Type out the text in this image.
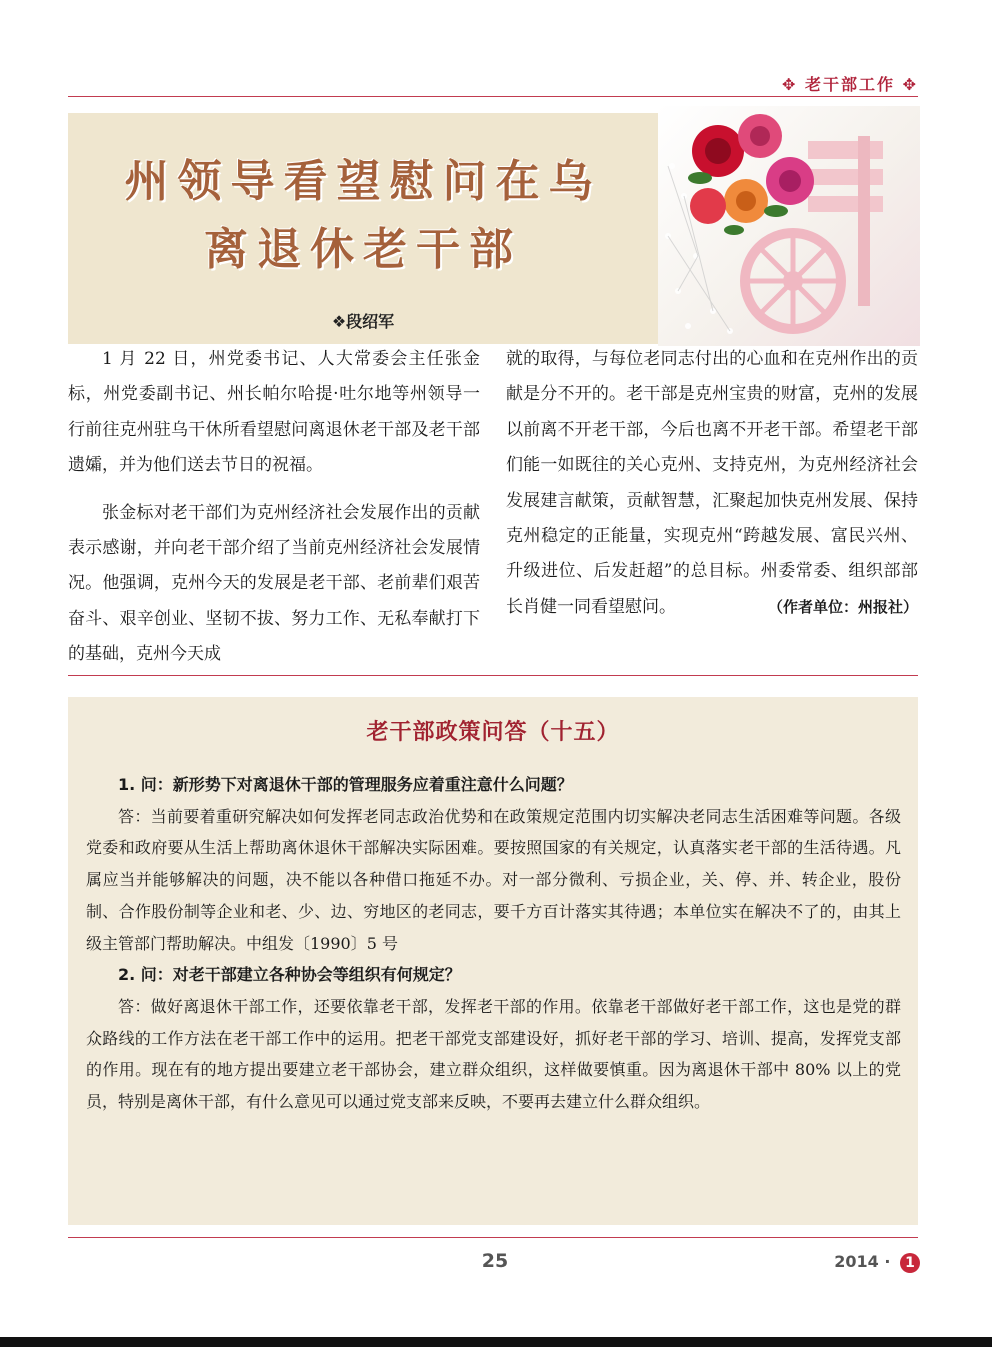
✥ 老干部工作 ✥
州领导看望慰问在乌
离退休老干部
❖段绍军

1 月 22 日，州党委书记、人大常委会主任张金标，州党委副书记、州长帕尔哈提·吐尔地等州领导一行前往克州驻乌干休所看望慰问离退休老干部及老干部遗孀，并为他们送去节日的祝福。

张金标对老干部们为克州经济社会发展作出的贡献表示感谢，并向老干部介绍了当前克州经济社会发展情况。他强调，克州今天的发展是老干部、老前辈们艰苦奋斗、艰辛创业、坚韧不拔、努力工作、无私奉献打下的基础，克州今天成

就的取得，与每位老同志付出的心血和在克州作出的贡献是分不开的。老干部是克州宝贵的财富，克州的发展以前离不开老干部，今后也离不开老干部。希望老干部们能一如既往的关心克州、支持克州，为克州经济社会发展建言献策，贡献智慧，汇聚起加快克州发展、保持克州稳定的正能量，实现克州“跨越发展、富民兴州、升级进位、后发赶超”的总目标。州委常委、组织部部长肖健一同看望慰问。	（作者单位：州报社）

老干部政策问答（十五）

1. 问：新形势下对离退休干部的管理服务应着重注意什么问题？

答：当前要着重研究解决如何发挥老同志政治优势和在政策规定范围内切实解决老同志生活困难等问题。各级党委和政府要从生活上帮助离休退休干部解决实际困难。要按照国家的有关规定，认真落实老干部的生活待遇。凡属应当并能够解决的问题，决不能以各种借口拖延不办。对一部分微利、亏损企业，关、停、并、转企业，股份制、合作股份制等企业和老、少、边、穷地区的老同志，要千方百计落实其待遇；本单位实在解决不了的，由其上级主管部门帮助解决。中组发〔1990〕5 号

2. 问：对老干部建立各种协会等组织有何规定？

答：做好离退休干部工作，还要依靠老干部，发挥老干部的作用。依靠老干部做好老干部工作，这也是党的群众路线的工作方法在老干部工作中的运用。把老干部党支部建设好，抓好老干部的学习、培训、提高，发挥党支部的作用。现在有的地方提出要建立老干部协会，建立群众组织，这样做要慎重。因为离退休干部中 80% 以上的党员，特别是离休干部，有什么意见可以通过党支部来反映，不要再去建立什么群众组织。

25	2014 · 1
